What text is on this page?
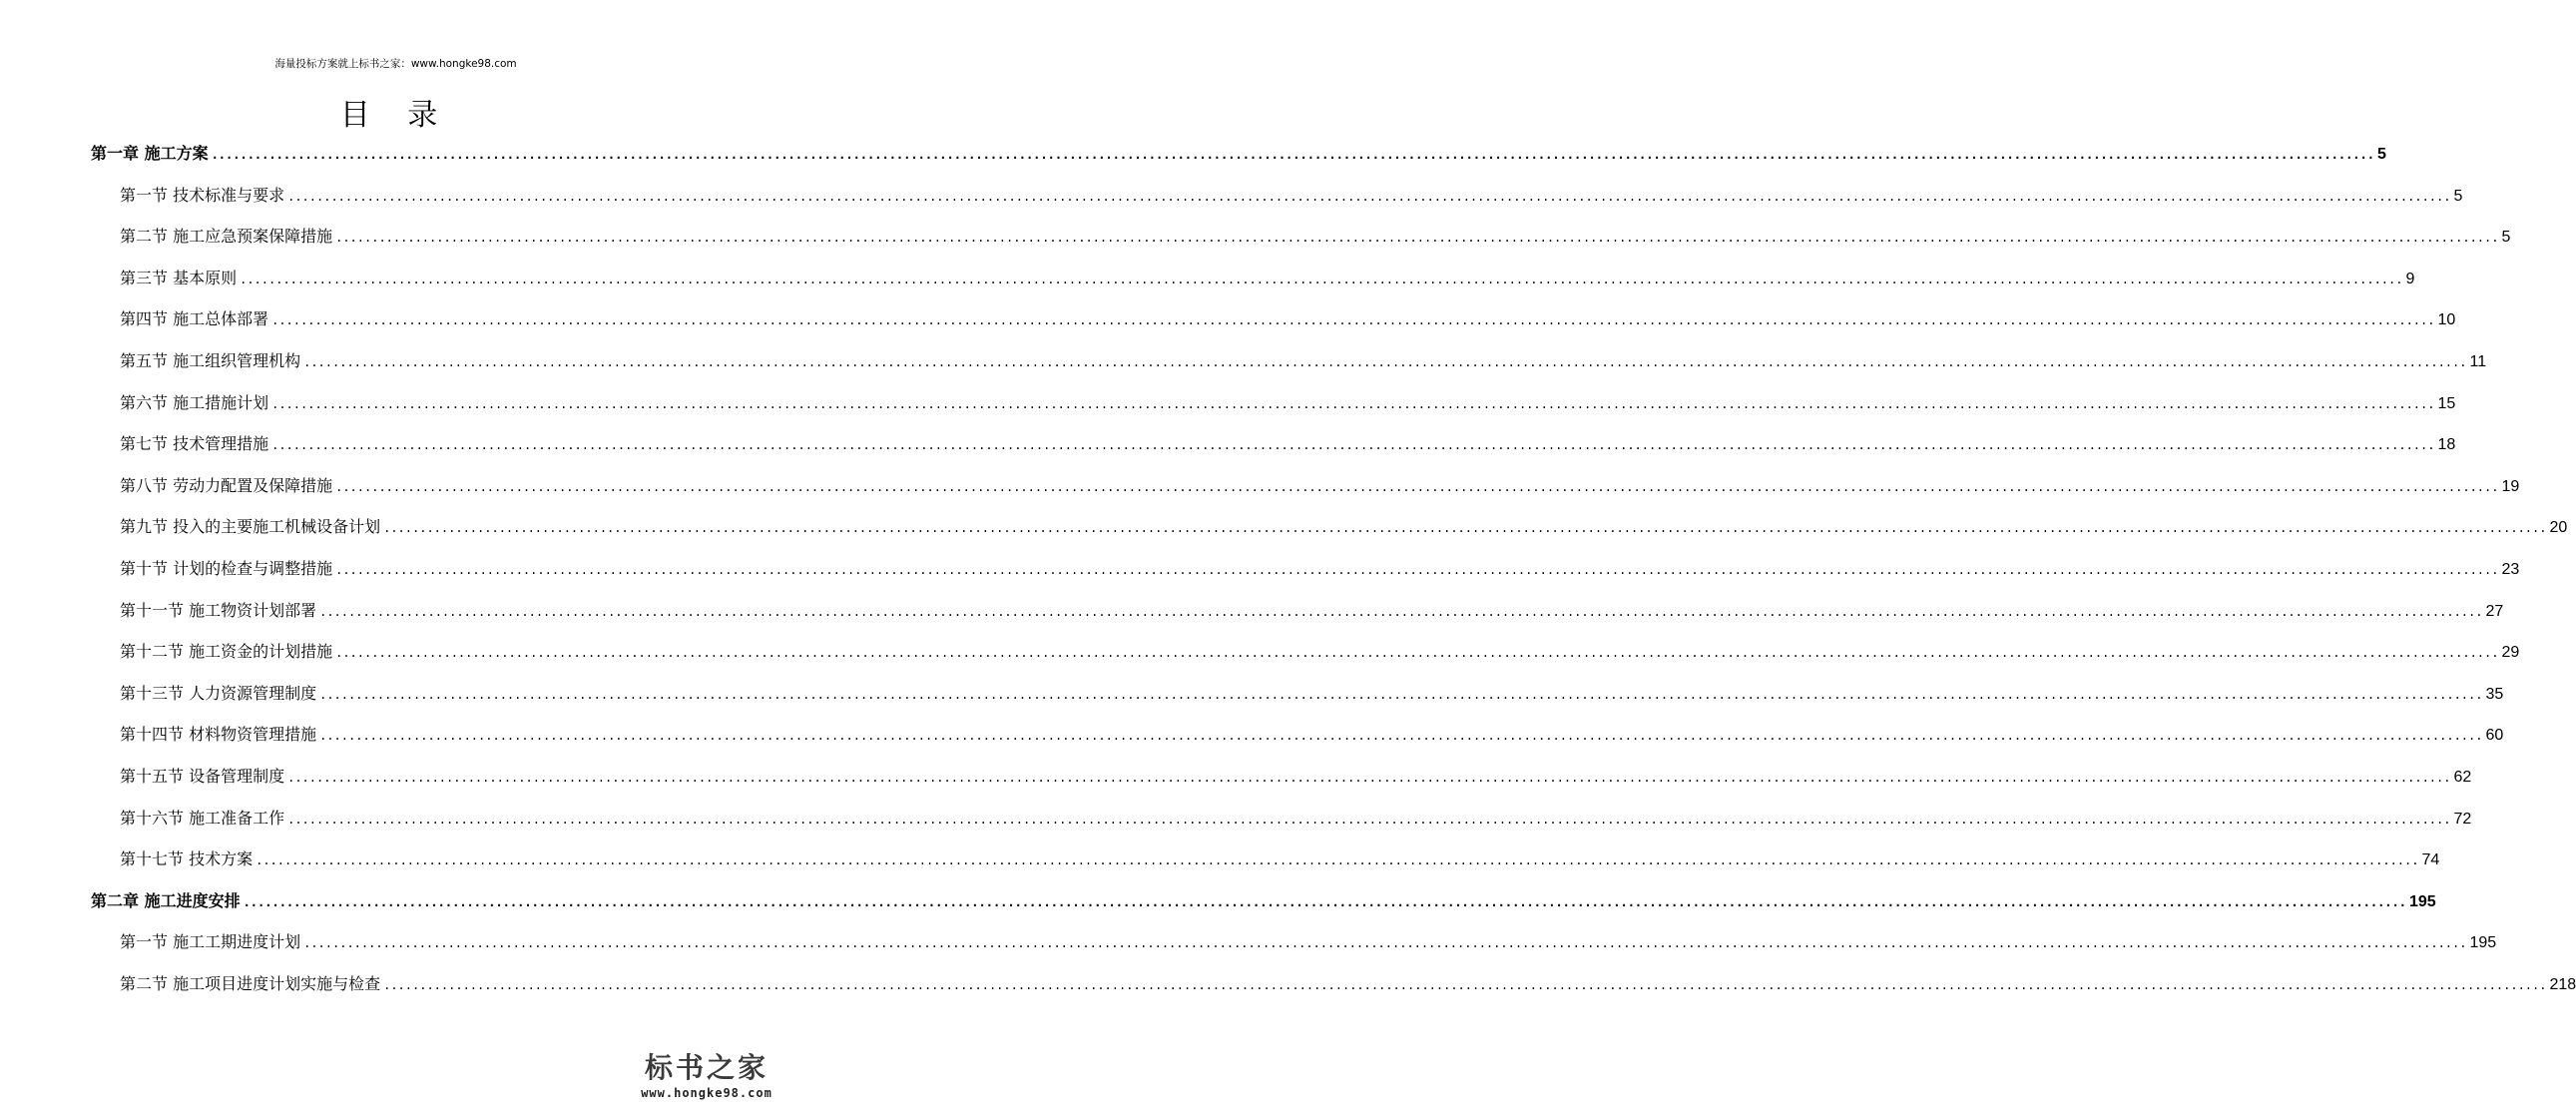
海量投标方案就上标书之家：www.hongke98.com
目 录
第一章 施工方案 ............................................................................................................................................................................................................................................................................................................ 5
第一节 技术标准与要求 ............................................................................................................................................................................................................................................................................................................ 5
第二节 施工应急预案保障措施 ............................................................................................................................................................................................................................................................................................................ 5
第三节 基本原则 ............................................................................................................................................................................................................................................................................................................ 9
第四节 施工总体部署 ............................................................................................................................................................................................................................................................................................................ 10
第五节 施工组织管理机构 ............................................................................................................................................................................................................................................................................................................ 11
第六节 施工措施计划 ............................................................................................................................................................................................................................................................................................................ 15
第七节 技术管理措施 ............................................................................................................................................................................................................................................................................................................ 18
第八节 劳动力配置及保障措施 ............................................................................................................................................................................................................................................................................................................ 19
第九节 投入的主要施工机械设备计划 ............................................................................................................................................................................................................................................................................................................ 20
第十节 计划的检查与调整措施 ............................................................................................................................................................................................................................................................................................................ 23
第十一节 施工物资计划部署 ............................................................................................................................................................................................................................................................................................................ 27
第十二节 施工资金的计划措施 ............................................................................................................................................................................................................................................................................................................ 29
第十三节 人力资源管理制度 ............................................................................................................................................................................................................................................................................................................ 35
第十四节 材料物资管理措施 ............................................................................................................................................................................................................................................................................................................ 60
第十五节 设备管理制度 ............................................................................................................................................................................................................................................................................................................ 62
第十六节 施工准备工作 ............................................................................................................................................................................................................................................................................................................ 72
第十七节 技术方案 ............................................................................................................................................................................................................................................................................................................ 74
第二章 施工进度安排 ............................................................................................................................................................................................................................................................................................................ 195
第一节 施工工期进度计划 ............................................................................................................................................................................................................................................................................................................ 195
第二节 施工项目进度计划实施与检查 ............................................................................................................................................................................................................................................................................................................ 218
标书之家
www.hongke98.com
